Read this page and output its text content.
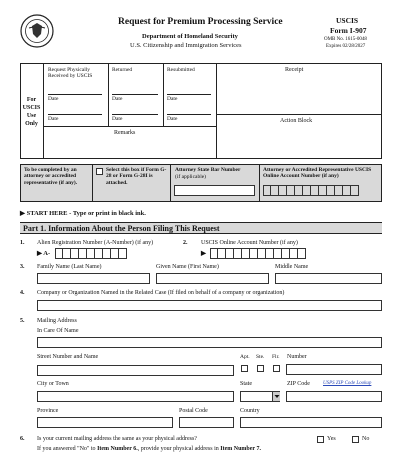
Request for Premium Processing Service
Department of Homeland Security
U.S. Citizenship and Immigration Services
USCIS
Form I-907
OMB No. 1615-0048
Expires 02/28/2027
For
USCIS
Use
Only
Request Physically Received by USCIS
Returned	Resubmitted	Receipt
Date	Date	Date
Date	Date	Date
Remarks
Action Block
To be completed by an attorney or accredited representative (if any).
Select this box if Form G-28 or Form G-28I is attached.
Attorney State Bar Number
(if applicable)
Attorney or Accredited Representative USCIS Online Account Number (if any)
▶ START HERE - Type or print in black ink.
Part 1. Information About the Person Filing This Request
1. Alien Registration Number (A-Number) (if any)
▶ A-
2. USCIS Online Account Number (if any)
▶
3. Family Name (Last Name)	Given Name (First Name)	Middle Name
4. Company or Organization Named in the Related Case (If filed on behalf of a company or organization)
5. Mailing Address
In Care Of Name
Street Number and Name	Apt. Ste. Flr. Number
City or Town	State	ZIP Code	USPS ZIP Code Lookup
Province	Postal Code	Country
6. Is your current mailing address the same as your physical address?	Yes	No
If you answered "No" to Item Number 6., provide your physical address in Item Number 7.
